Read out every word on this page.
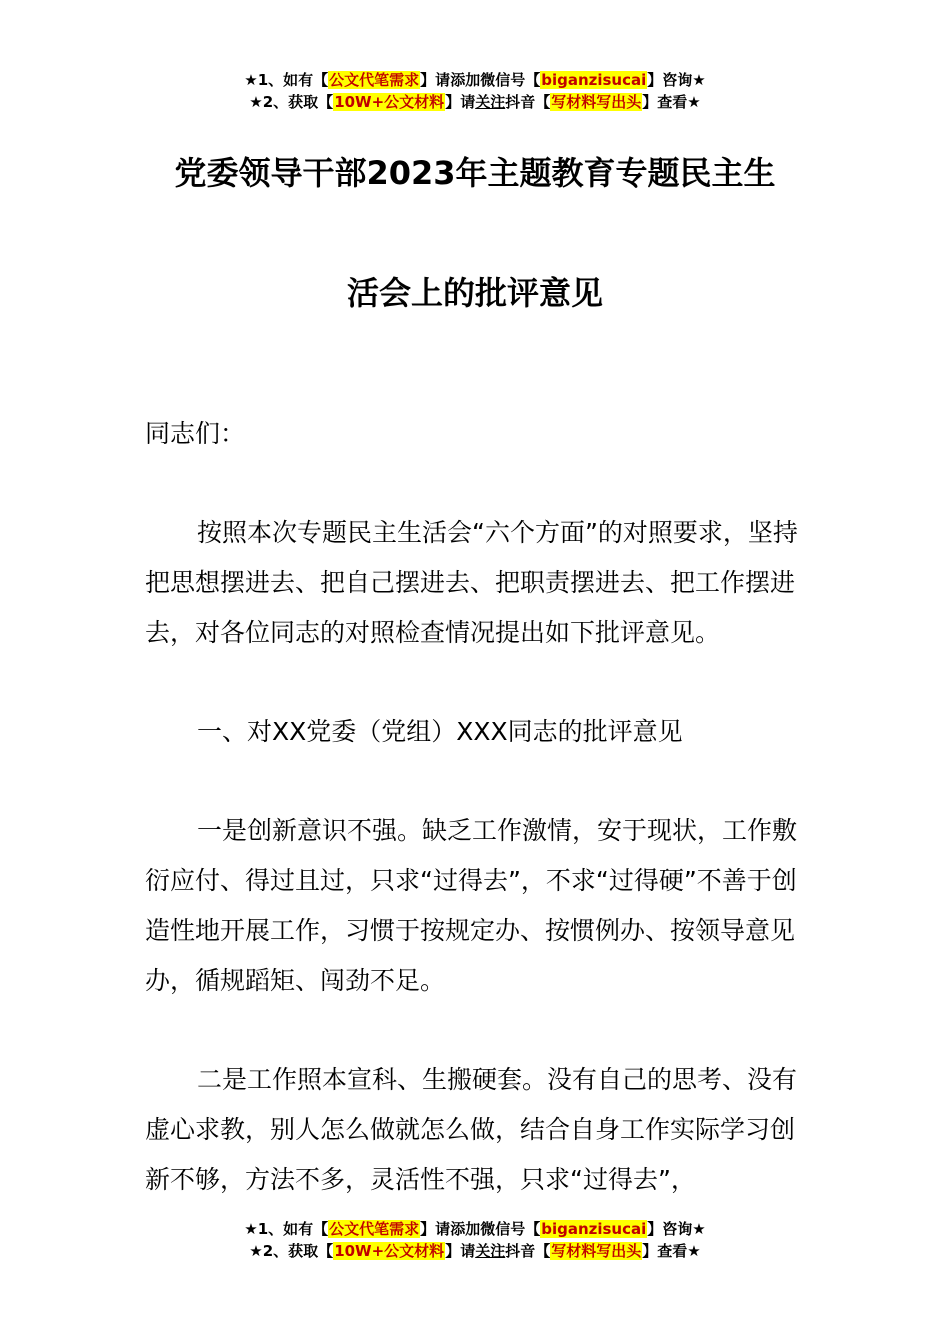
★1、如有【公文代笔需求】请添加微信号【biganzisucai】咨询★
★2、获取【10W+公文材料】请关注抖音【写材料写出头】查看★
党委领导干部2023年主题教育专题民主生
活会上的批评意见
同志们：

按照本次专题民主生活会“六个方面”的对照要求，坚持把思想摆进去、把自己摆进去、把职责摆进去、把工作摆进去，对各位同志的对照检查情况提出如下批评意见。

一、对XX党委（党组）XXX同志的批评意见

一是创新意识不强。缺乏工作激情，安于现状，工作敷衍应付、得过且过，只求“过得去”，不求“过得硬”不善于创造性地开展工作，习惯于按规定办、按惯例办、按领导意见办，循规蹈矩、闯劲不足。

二是工作照本宣科、生搬硬套。没有自己的思考、没有虚心求教，别人怎么做就怎么做，结合自身工作实际学习创新不够，方法不多，灵活性不强，只求“过得去”，

★1、如有【公文代笔需求】请添加微信号【biganzisucai】咨询★
★2、获取【10W+公文材料】请关注抖音【写材料写出头】查看★
